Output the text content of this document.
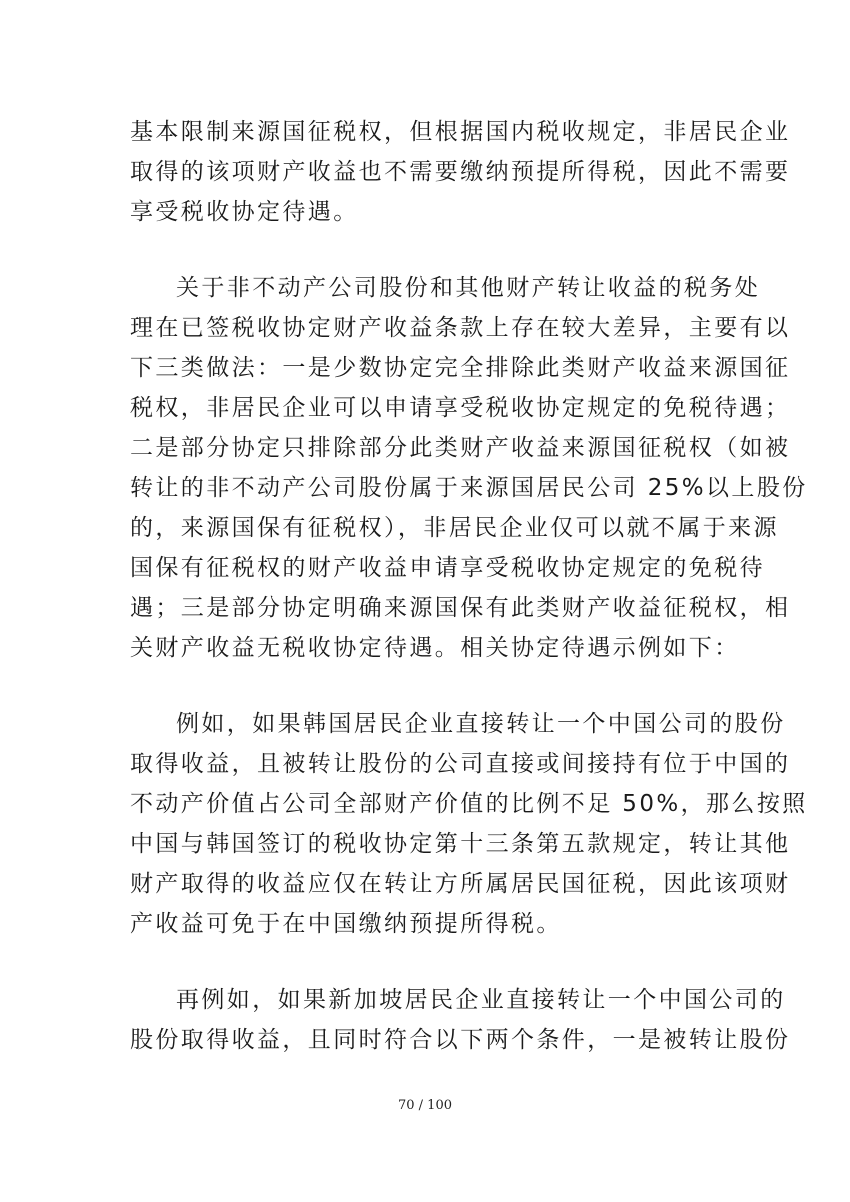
基本限制来源国征税权，但根据国内税收规定，非居民企业
取得的该项财产收益也不需要缴纳预提所得税，因此不需要
享受税收协定待遇。

关于非不动产公司股份和其他财产转让收益的税务处
理在已签税收协定财产收益条款上存在较大差异，主要有以
下三类做法：一是少数协定完全排除此类财产收益来源国征
税权，非居民企业可以申请享受税收协定规定的免税待遇；
二是部分协定只排除部分此类财产收益来源国征税权（如被
转让的非不动产公司股份属于来源国居民公司 25%以上股份
的，来源国保有征税权），非居民企业仅可以就不属于来源
国保有征税权的财产收益申请享受税收协定规定的免税待
遇；三是部分协定明确来源国保有此类财产收益征税权，相
关财产收益无税收协定待遇。相关协定待遇示例如下：

例如，如果韩国居民企业直接转让一个中国公司的股份
取得收益，且被转让股份的公司直接或间接持有位于中国的
不动产价值占公司全部财产价值的比例不足 50%，那么按照
中国与韩国签订的税收协定第十三条第五款规定，转让其他
财产取得的收益应仅在转让方所属居民国征税，因此该项财
产收益可免于在中国缴纳预提所得税。

再例如，如果新加坡居民企业直接转让一个中国公司的
股份取得收益，且同时符合以下两个条件，一是被转让股份

70 / 100
